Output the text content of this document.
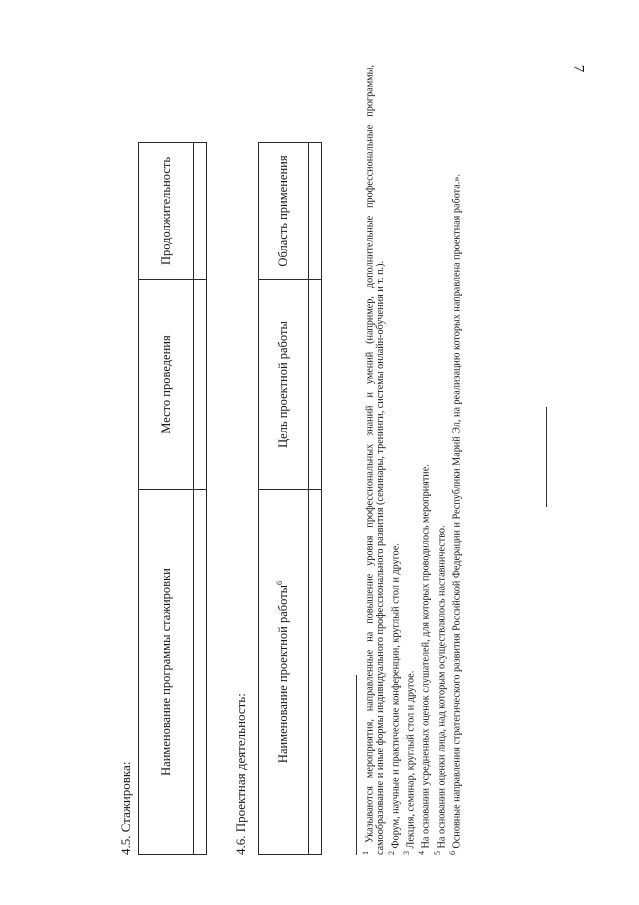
7
4.5. Стажировка:
Наименование программы стажировки	Место проведения	Продолжительность

4.6. Проектная деятельность:
Наименование проектной работы$^6$	Цель проектной работы	Область применения

$^1$ Указываются мероприятия, направленные на повышение уровня профессиональных знаний и умений (например, дополнительные профессиональные программы, самообразование и иные формы индивидуального профессионального развития (семинары, тренинги, системы онлайн-обучения и т. п.). $^2$ Форум, научные и практические конференции, круглый стол и другое.

$^3$ Лекция, семинар, круглый стол и другое.

$^4$ На основании усредненных оценок слушателей, для которых проводилось мероприятие.

$^5$ На основании оценки лица, над которым осуществлялось наставничество.

$^6$ Основные направления стратегического развития Российской Федерации и Республики Марий Эл, на реализацию которых направлена проектная работа.».
